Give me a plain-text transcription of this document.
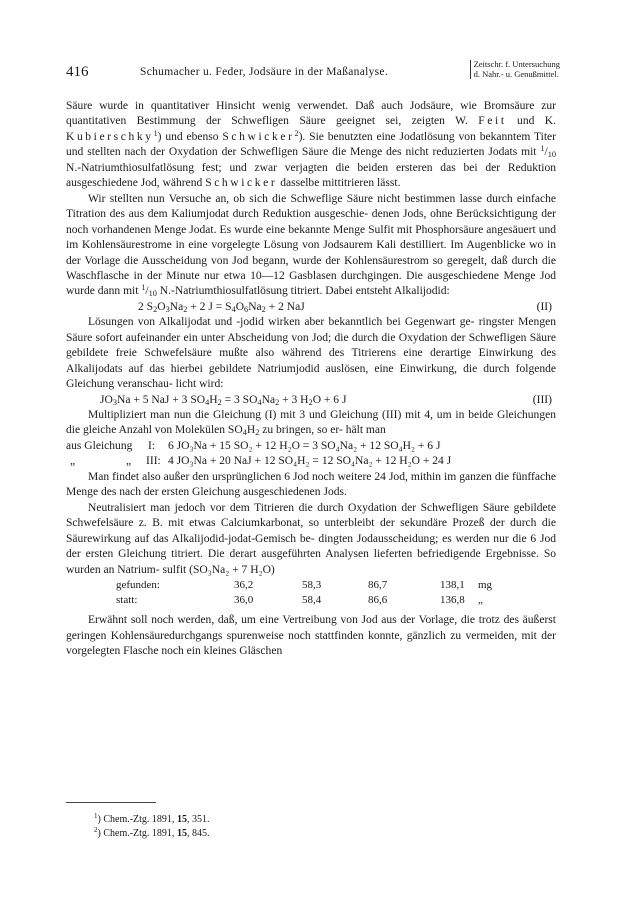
416	Schumacher u. Feder, Jodsäure in der Maßanalyse.
Zeitschr. f. Untersuchung
d. Nahr.- u. Genußmittel.

Säure wurde in quantitativer Hinsicht wenig verwendet. Daß auch Jodsäure, wie Bromsäure zur quantitativen Bestimmung der Schwefligen Säure geeignet sei, zeigten W. Feit und K. Kubierschky$^1$) und ebenso Schwicker$^2$). Sie benutzten eine Jodatlösung von bekanntem Titer und stellten nach der Oxydation der Schwefligen Säure die Menge des nicht reduzierten Jodats mit $^1/_{10}$ N.-Natriumthiosulfatlösung fest; und zwar verjagten die beiden ersteren das bei der Reduktion ausgeschiedene Jod, während Schwicker dasselbe mittitrieren lässt.

Wir stellten nun Versuche an, ob sich die Schweflige Säure nicht bestimmen lasse durch einfache Titration des aus dem Kaliumjodat durch Reduktion ausgeschie- denen Jods, ohne Berücksichtigung der noch vorhandenen Menge Jodat. Es wurde eine bekannte Menge Sulfit mit Phosphorsäure angesäuert und im Kohlensäurestrome in eine vorgelegte Lösung von Jodsaurem Kali destilliert. Im Augenblicke wo in der Vorlage die Ausscheidung von Jod begann, wurde der Kohlensäurestrom so geregelt, daß durch die Waschflasche in der Minute nur etwa 10—12 Gasblasen durchgingen. Die ausgeschiedene Menge Jod wurde dann mit $^1/_{10}$ N.-Natriumthiosulfatlösung titriert. Dabei entsteht Alkalijodid:

2 $S_2O_3Na_2 + 2$ $J = S_4O_6Na_2 + 2$ NaJ	(II)

Lösungen von Alkalijodat und -jodid wirken aber bekanntlich bei Gegenwart ge- ringster Mengen Säure sofort aufeinander ein unter Abscheidung von Jod; die durch die Oxydation der Schwefligen Säure gebildete freie Schwefelsäure mußte also während des Titrierens eine derartige Einwirkung des Alkalijodats auf das hierbei gebildete Natriumjodid auslösen, eine Einwirkung, die durch folgende Gleichung veranschau- licht wird:

$JO_3Na + 5$ NaJ + 3 $SO_4H_2 = 3$ $SO_4Na_2 + 3$ $H_2O + 6$ J	(III)

Multipliziert man nun die Gleichung (I) mit 3 und Gleichung (III) mit 4, um in beide Gleichungen die gleiche Anzahl von Molekülen $SO_4H_2$ zu bringen, so er- hält man

aus Gleichung I: 6 JO₃Na + 15 SO₂ + 12 H₂O = 3 SO₄Na₂ + 12 SO₄H₂ + 6 J
„	„ III: 4 JO₃Na + 20 NaJ + 12 SO₄H₂ = 12 SO₄Na₂ + 12 H₂O + 24 J

Man findet also außer den ursprünglichen 6 Jod noch weitere 24 Jod, mithin im ganzen die fünffache Menge des nach der ersten Gleichung ausgeschiedenen Jods.

Neutralisiert man jedoch vor dem Titrieren die durch Oxydation der Schwefligen Säure gebildete Schwefelsäure z. B. mit etwas Calciumkarbonat, so unterbleibt der sekundäre Prozeß der durch die Säurewirkung auf das Alkalijodid-jodat-Gemisch be- dingten Jodausscheidung; es werden nur die 6 Jod der ersten Gleichung titriert. Die derart ausgeführten Analysen lieferten befriedigende Ergebnisse. So wurden an Natrium- sulfit (SO₃Na₂ + 7 H₂O)

gefunden:	36,2	58,3	86,7	138,1 mg
statt:	36,0	58,4	86,6	136,8 „

Erwähnt soll noch werden, daß, um eine Vertreibung von Jod aus der Vorlage, die trotz des äußerst geringen Kohlensäuredurchgangs spurenweise noch stattfinden konnte, gänzlich zu vermeiden, mit der vorgelegten Flasche noch ein kleines Gläschen

$^1$) Chem.-Ztg. 1891, 15, 351.
$^2$) Chem.-Ztg. 1891, 15, 845.
